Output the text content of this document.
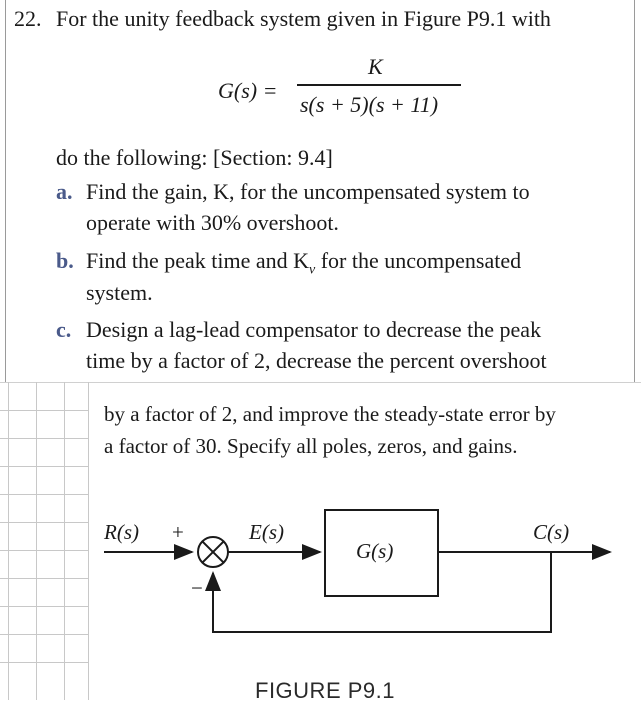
22. For the unity feedback system given in Figure P9.1 with
G(s) =
K
s(s + 5)(s + 11)
do the following: [Section: 9.4]
a. Find the gain, K, for the uncompensated system to
operate with 30% overshoot.
b. Find the peak time and $K_v$ for the uncompensated
system.
c. Design a lag-lead compensator to decrease the peak
time by a factor of 2, decrease the percent overshoot
by a factor of 2, and improve the steady-state error by
a factor of 30. Specify all poles, zeros, and gains.
R(s) +
−
E(s)
G(s)
C(s)
FIGURE P9.1
